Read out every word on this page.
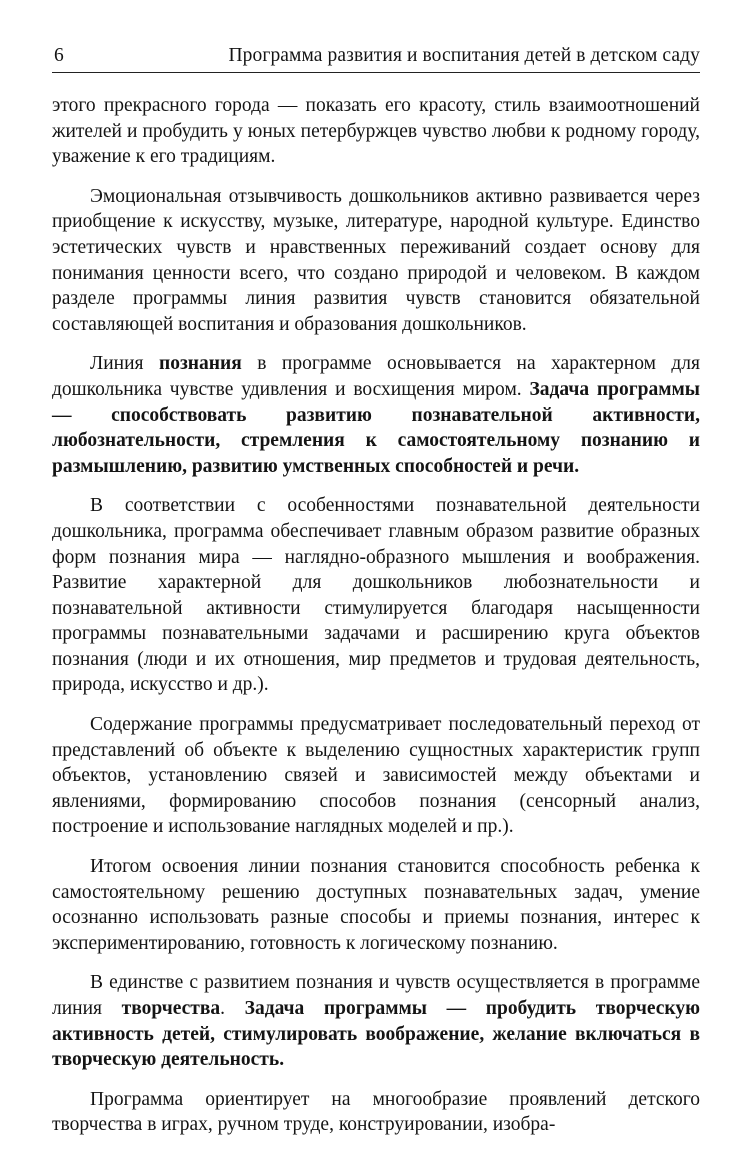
6	Программа развития и воспитания детей в детском саду

этого прекрасного города — показать его красоту, стиль взаимоотношений жителей и пробудить у юных петербуржцев чувство любви к родному городу, уважение к его традициям.

Эмоциональная отзывчивость дошкольников активно развивается через приобщение к искусству, музыке, литературе, народной культуре. Единство эстетических чувств и нравственных переживаний создает основу для понимания ценности всего, что создано природой и человеком. В каждом разделе программы линия развития чувств становится обязательной составляющей воспитания и образования дошкольников.

Линия познания в программе основывается на характерном для дошкольника чувстве удивления и восхищения миром. Задача программы — способствовать развитию познавательной активности, любознательности, стремления к самостоятельному познанию и размышлению, развитию умственных способностей и речи.

В соответствии с особенностями познавательной деятельности дошкольника, программа обеспечивает главным образом развитие образных форм познания мира — наглядно-образного мышления и воображения. Развитие характерной для дошкольников любознательности и познавательной активности стимулируется благодаря насыщенности программы познавательными задачами и расширению круга объектов познания (люди и их отношения, мир предметов и трудовая деятельность, природа, искусство и др.).

Содержание программы предусматривает последовательный переход от представлений об объекте к выделению сущностных характеристик групп объектов, установлению связей и зависимостей между объектами и явлениями, формированию способов познания (сенсорный анализ, построение и использование наглядных моделей и пр.).

Итогом освоения линии познания становится способность ребенка к самостоятельному решению доступных познавательных задач, умение осознанно использовать разные способы и приемы познания, интерес к экспериментированию, готовность к логическому познанию.

В единстве с развитием познания и чувств осуществляется в программе линия творчества. Задача программы — пробудить творческую активность детей, стимулировать воображение, желание включаться в творческую деятельность.

Программа ориентирует на многообразие проявлений детского творчества в играх, ручном труде, конструировании, изобра-
